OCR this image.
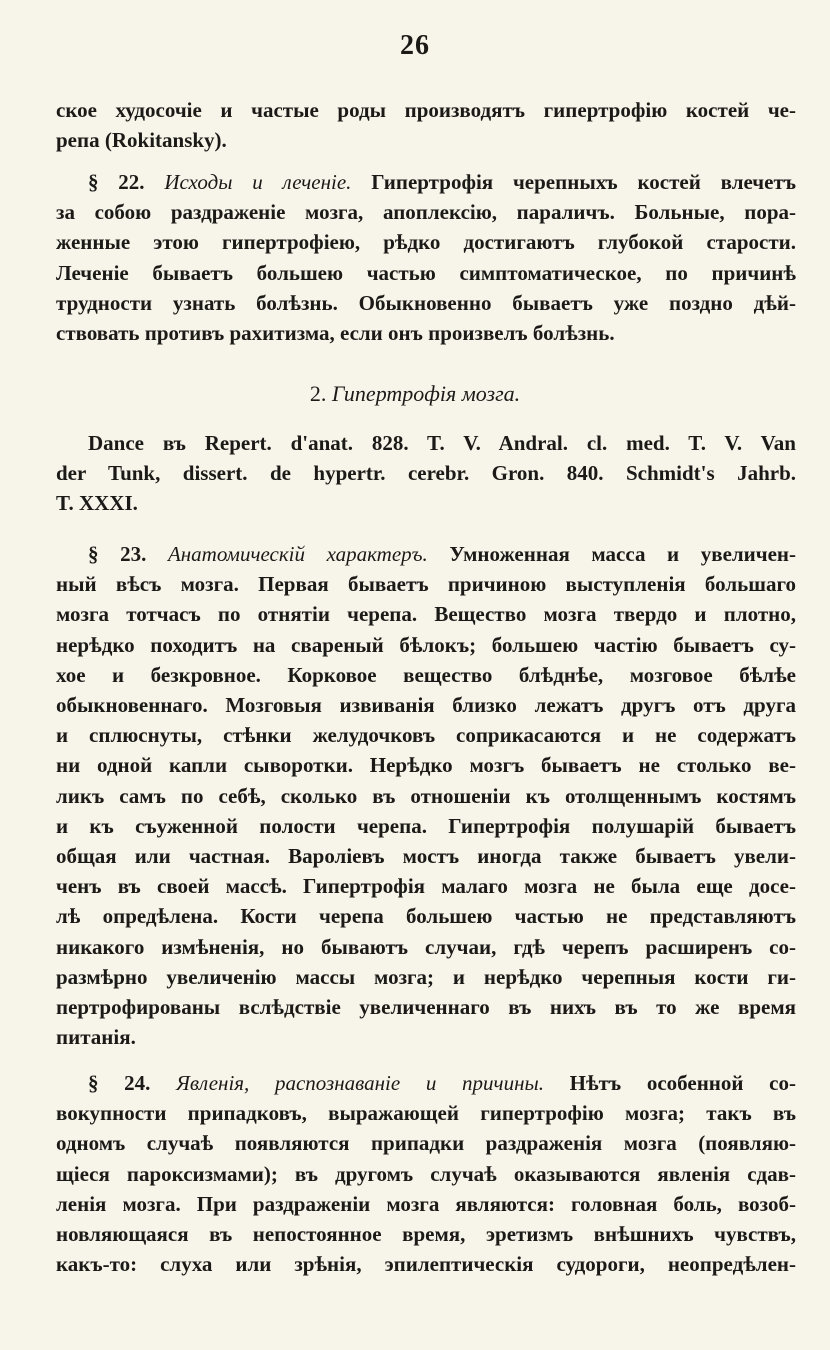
26
ское худосочіе и частые роды производятъ гипертрофію костей че-
репа (Rokitansky).
§ 22. Исходы и леченіе. Гипертрофія черепныхъ костей влечетъ
за собою раздраженіе мозга, апоплексію, параличъ. Больные, пора-
женные этою гипертрофіею, рѣдко достигаютъ глубокой старости.
Леченіе бываетъ большею частью симптоматическое, по причинѣ
трудности узнать болѣзнь. Обыкновенно бываетъ уже поздно дѣй-
ствовать противъ рахитизма, если онъ произвелъ болѣзнь.
2. Гипертрофія мозга.
Dance въ Repert. d'anat. 828. T. V. Andral. cl. med. T. V. Van
der Tunk, dissert. de hypertr. cerebr. Gron. 840. Schmidt's Jahrb.
T. XXXI.
§ 23. Анатомическій характеръ. Умноженная масса и увеличен-
ный вѣсъ мозга. Первая бываетъ причиною выступленія большаго
мозга тотчасъ по отнятіи черепа. Вещество мозга твердо и плотно,
нерѣдко походитъ на свареный бѣлокъ; большею частію бываетъ су-
хое и безкровное. Корковое вещество блѣднѣе, мозговое бѣлѣе
обыкновеннаго. Мозговыя извиванія близко лежатъ другъ отъ друга
и сплюснуты, стѣнки желудочковъ соприкасаются и не содержатъ
ни одной капли сыворотки. Нерѣдко мозгъ бываетъ не столько ве-
ликъ самъ по себѣ, сколько въ отношеніи къ отолщеннымъ костямъ
и къ съуженной полости черепа. Гипертрофія полушарій бываетъ
общая или частная. Вароліевъ мостъ иногда также бываетъ увели-
ченъ въ своей массѣ. Гипертрофія малаго мозга не была еще досе-
лѣ опредѣлена. Кости черепа большею частью не представляютъ
никакого измѣненія, но бываютъ случаи, гдѣ черепъ расширенъ со-
размѣрно увеличенію массы мозга; и нерѣдко черепныя кости ги-
пертрофированы вслѣдствіе увеличеннаго въ нихъ въ то же время
питанія.
§ 24. Явленія, распознаваніе и причины. Нѣтъ особенной со-
вокупности припадковъ, выражающей гипертрофію мозга; такъ въ
одномъ случаѣ появляются припадки раздраженія мозга (появляю-
щіеся пароксизмами); въ другомъ случаѣ оказываются явленія сдав-
ленія мозга. При раздраженіи мозга являются: головная боль, возоб-
новляющаяся въ непостоянное время, эретизмъ внѣшнихъ чувствъ,
какъ-то: слуха или зрѣнія, эпилептическія судороги, неопредѣлен-
